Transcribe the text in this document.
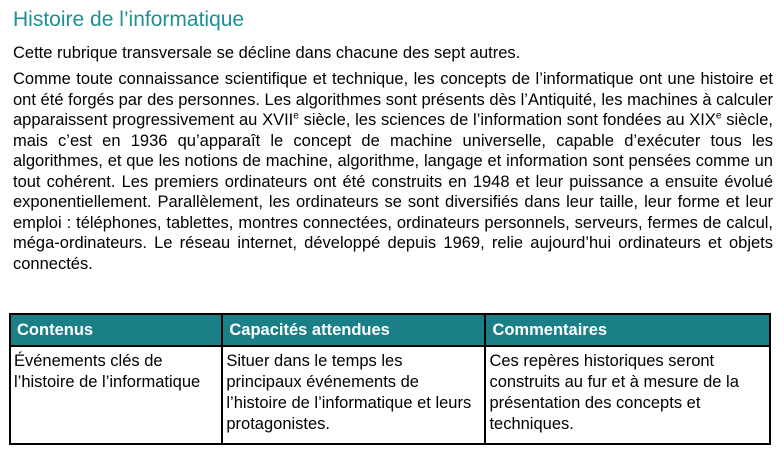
Histoire de l’informatique

Cette rubrique transversale se décline dans chacune des sept autres.

Comme toute connaissance scientifique et technique, les concepts de l’informatique ont une histoire et ont été forgés par des personnes. Les algorithmes sont présents dès l’Antiquité, les machines à calculer apparaissent progressivement au XVIIe siècle, les sciences de l’information sont fondées au XIXe siècle, mais c’est en 1936 qu’apparaît le concept de machine universelle, capable d’exécuter tous les algorithmes, et que les notions de machine, algorithme, langage et information sont pensées comme un tout cohérent. Les premiers ordinateurs ont été construits en 1948 et leur puissance a ensuite évolué exponentiellement. Parallèlement, les ordinateurs se sont diversifiés dans leur taille, leur forme et leur emploi : téléphones, tablettes, montres connectées, ordinateurs personnels, serveurs, fermes de calcul, méga-ordinateurs. Le réseau internet, développé depuis 1969, relie aujourd’hui ordinateurs et objets connectés.

Contenus	Capacités attendues	Commentaires
Événements clés de l’histoire de l’informatique	Situer dans le temps les principaux événements de l’histoire de l’informatique et leurs protagonistes.	Ces repères historiques seront construits au fur et à mesure de la présentation des concepts et techniques.
